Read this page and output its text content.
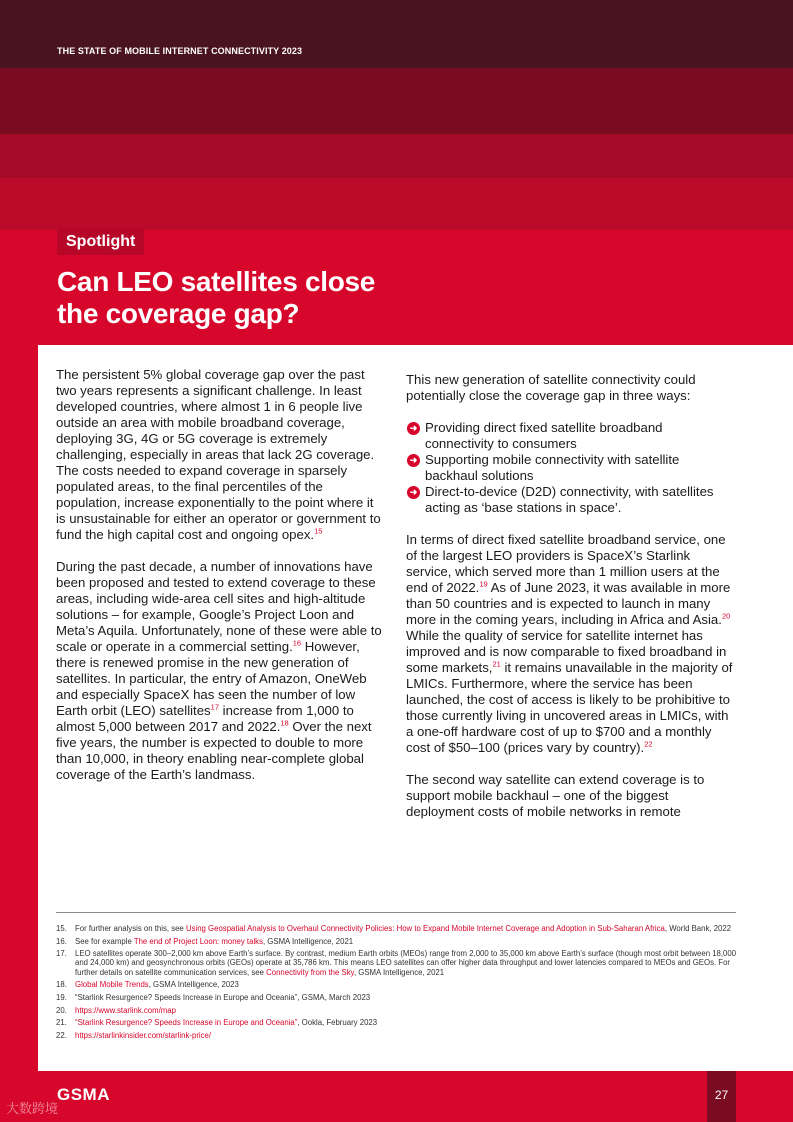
THE STATE OF MOBILE INTERNET CONNECTIVITY 2023
Spotlight
Can LEO satellites close
the coverage gap?

The persistent 5% global coverage gap over the past two years represents a significant challenge. In least developed countries, where almost 1 in 6 people live outside an area with mobile broadband coverage, deploying 3G, 4G or 5G coverage is extremely challenging, especially in areas that lack 2G coverage. The costs needed to expand coverage in sparsely populated areas, to the final percentiles of the population, increase exponentially to the point where it is unsustainable for either an operator or government to fund the high capital cost and ongoing opex.$^{15}$

During the past decade, a number of innovations have been proposed and tested to extend coverage to these areas, including wide-area cell sites and high-altitude solutions – for example, Google’s Project Loon and Meta’s Aquila. Unfortunately, none of these were able to scale or operate in a commercial setting.$^{16}$ However, there is renewed promise in the new generation of satellites. In particular, the entry of Amazon, OneWeb and especially SpaceX has seen the number of low Earth orbit (LEO) satellites$^{17}$ increase from 1,000 to almost 5,000 between 2017 and 2022.18 Over the next five years, the number is expected to double to more than 10,000, in theory enabling near-complete global coverage of the Earth’s landmass.

This new generation of satellite connectivity could potentially close the coverage gap in three ways:

➜ Providing direct fixed satellite broadband connectivity to consumers
➜ Supporting mobile connectivity with satellite backhaul solutions
➜ Direct-to-device (D2D) connectivity, with satellites acting as ‘base stations in space’.

In terms of direct fixed satellite broadband service, one of the largest LEO providers is SpaceX’s Starlink service, which served more than 1 million users at the end of 2022.19 As of June 2023, it was available in more than 50 countries and is expected to launch in many more in the coming years, including in Africa and Asia.$^{20}$ While the quality of service for satellite internet has improved and is now comparable to fixed broadband in some markets,$^{21}$ it remains unavailable in the majority of LMICs. Furthermore, where the service has been launched, the cost of access is likely to be prohibitive to those currently living in uncovered areas in LMICs, with a one-off hardware cost of up to $700 and a monthly cost of $50–100 (prices vary by country).$^{22}$

The second way satellite can extend coverage is to support mobile backhaul – one of the biggest deployment costs of mobile networks in remote

15. For further analysis on this, see Using Geospatial Analysis to Overhaul Connectivity Policies: How to Expand Mobile Internet Coverage and Adoption in Sub-Saharan Africa, World Bank, 2022
16. See for example The end of Project Loon: money talks, GSMA Intelligence, 2021
17. LEO satellites operate 300–2,000 km above Earth’s surface. By contrast, medium Earth orbits (MEOs) range from 2,000 to 35,000 km above Earth’s surface (though most orbit between 18,000 and 24,000 km) and geosynchronous orbits (GEOs) operate at 35,786 km. This means LEO satellites can offer higher data throughput and lower latencies compared to MEOs and GEOs. For further details on satellite communication services, see Connectivity from the Sky, GSMA Intelligence, 2021
18. Global Mobile Trends, GSMA Intelligence, 2023
19. “Starlink Resurgence? Speeds Increase in Europe and Oceania”, GSMA, March 2023
20. https://www.starlink.com/map
21. “Starlink Resurgence? Speeds Increase in Europe and Oceania”, Ookla, February 2023
22. https://starlinkinsider.com/starlink-price/
GSMA	27
大数跨境
